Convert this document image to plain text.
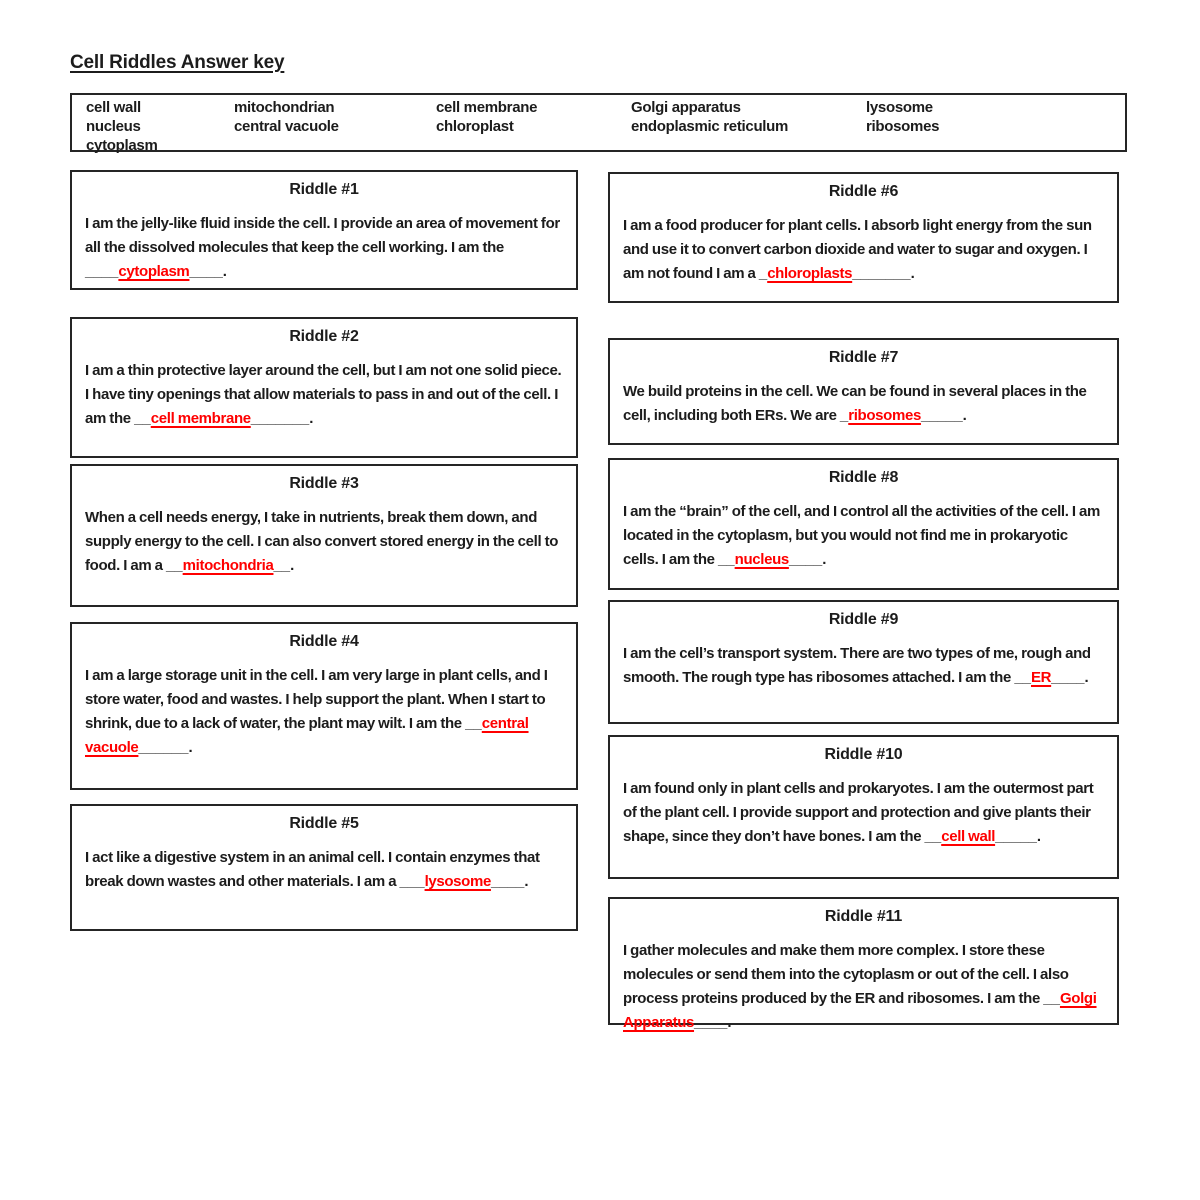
Cell Riddles Answer key
cell wall
nucleus
cytoplasm
mitochondrian
central vacuole
cell membrane
chloroplast
Golgi apparatus
endoplasmic reticulum
lysosome
ribosomes
Riddle #1
I am the jelly-like fluid inside the cell. I provide an area of movement for all the dissolved molecules that keep the cell working. I am the ____cytoplasm____.
Riddle #2
I am a thin protective layer around the cell, but I am not one solid piece. I have tiny openings that allow materials to pass in and out of the cell. I am the __cell membrane_______.
Riddle #3
When a cell needs energy, I take in nutrients, break them down, and supply energy to the cell. I can also convert stored energy in the cell to food. I am a __mitochondria__.
Riddle #4
I am a large storage unit in the cell. I am very large in plant cells, and I store water, food and wastes. I help support the plant. When I start to shrink, due to a lack of water, the plant may wilt. I am the __central vacuole______.
Riddle #5
I act like a digestive system in an animal cell. I contain enzymes that break down wastes and other materials. I am a ___lysosome____.
Riddle #6
I am a food producer for plant cells. I absorb light energy from the sun and use it to convert carbon dioxide and water to sugar and oxygen. I am not found I am a _chloroplasts_______.
Riddle #7
We build proteins in the cell. We can be found in several places in the cell, including both ERs. We are _ribosomes_____.
Riddle #8
I am the “brain” of the cell, and I control all the activities of the cell. I am located in the cytoplasm, but you would not find me in prokaryotic cells. I am the __nucleus____.
Riddle #9
I am the cell’s transport system. There are two types of me, rough and smooth. The rough type has ribosomes attached. I am the __ER____.
Riddle #10
I am found only in plant cells and prokaryotes. I am the outermost part of the plant cell. I provide support and protection and give plants their shape, since they don’t have bones. I am the __cell wall_____.
Riddle #11
I gather molecules and make them more complex. I store these molecules or send them into the cytoplasm or out of the cell. I also process proteins produced by the ER and ribosomes. I am the __Golgi Apparatus____.
